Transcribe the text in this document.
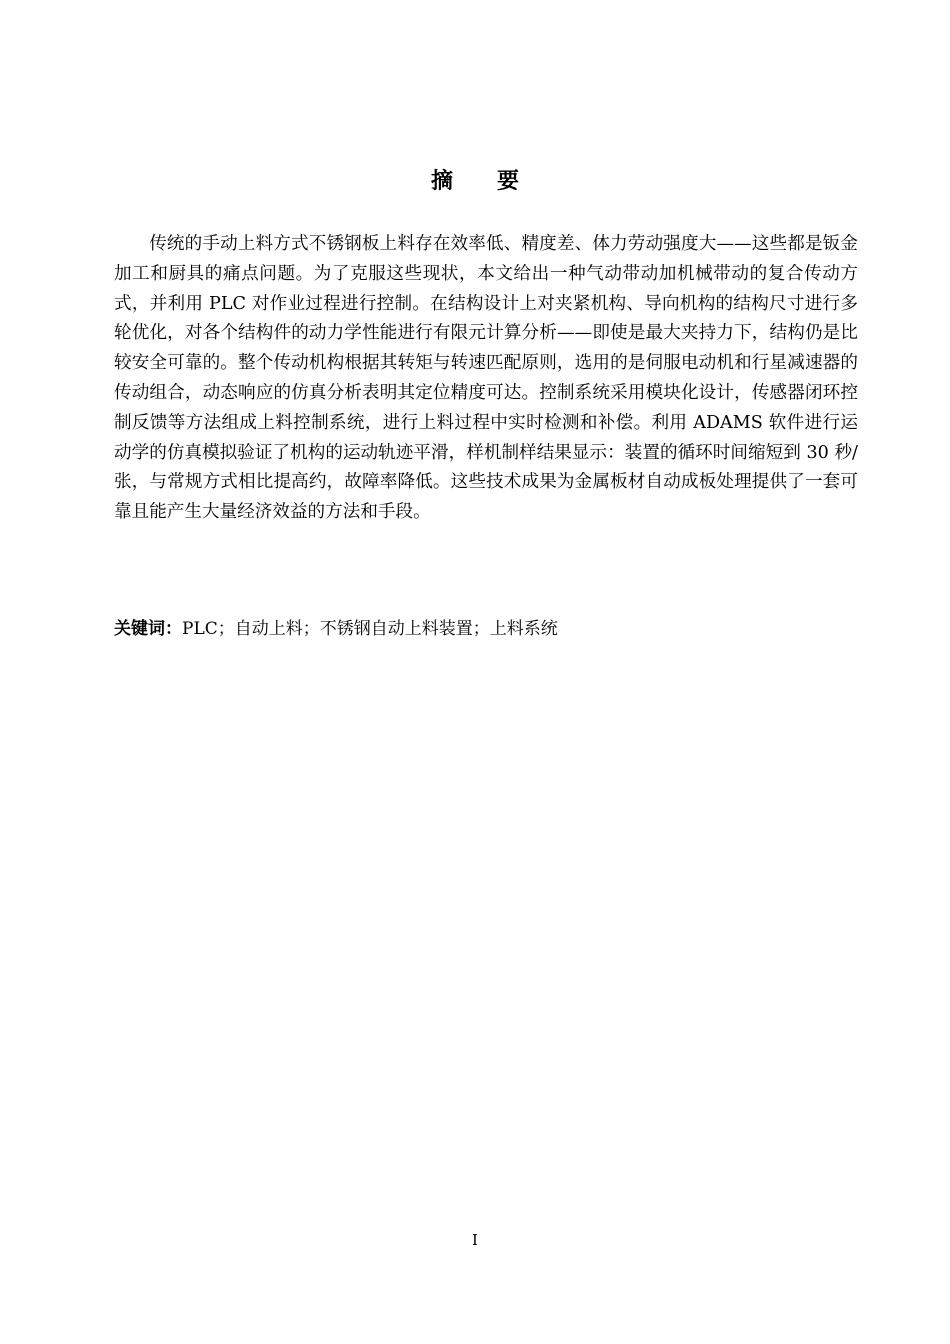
摘 要

传统的手动上料方式不锈钢板上料存在效率低、精度差、体力劳动强度大——这些都是钣金加工和厨具的痛点问题。为了克服这些现状，本文给出一种气动带动加机械带动的复合传动方式，并利用 PLC 对作业过程进行控制。在结构设计上对夹紧机构、导向机构的结构尺寸进行多轮优化，对各个结构件的动力学性能进行有限元计算分析——即使是最大夹持力下，结构仍是比较安全可靠的。整个传动机构根据其转矩与转速匹配原则，选用的是伺服电动机和行星减速器的传动组合，动态响应的仿真分析表明其定位精度可达。控制系统采用模块化设计，传感器闭环控制反馈等方法组成上料控制系统，进行上料过程中实时检测和补偿。利用 ADAMS 软件进行运动学的仿真模拟验证了机构的运动轨迹平滑，样机制样结果显示：装置的循环时间缩短到 30 秒/张，与常规方式相比提高约，故障率降低。这些技术成果为金属板材自动成板处理提供了一套可靠且能产生大量经济效益的方法和手段。

关键词：PLC；自动上料；不锈钢自动上料装置；上料系统

I
